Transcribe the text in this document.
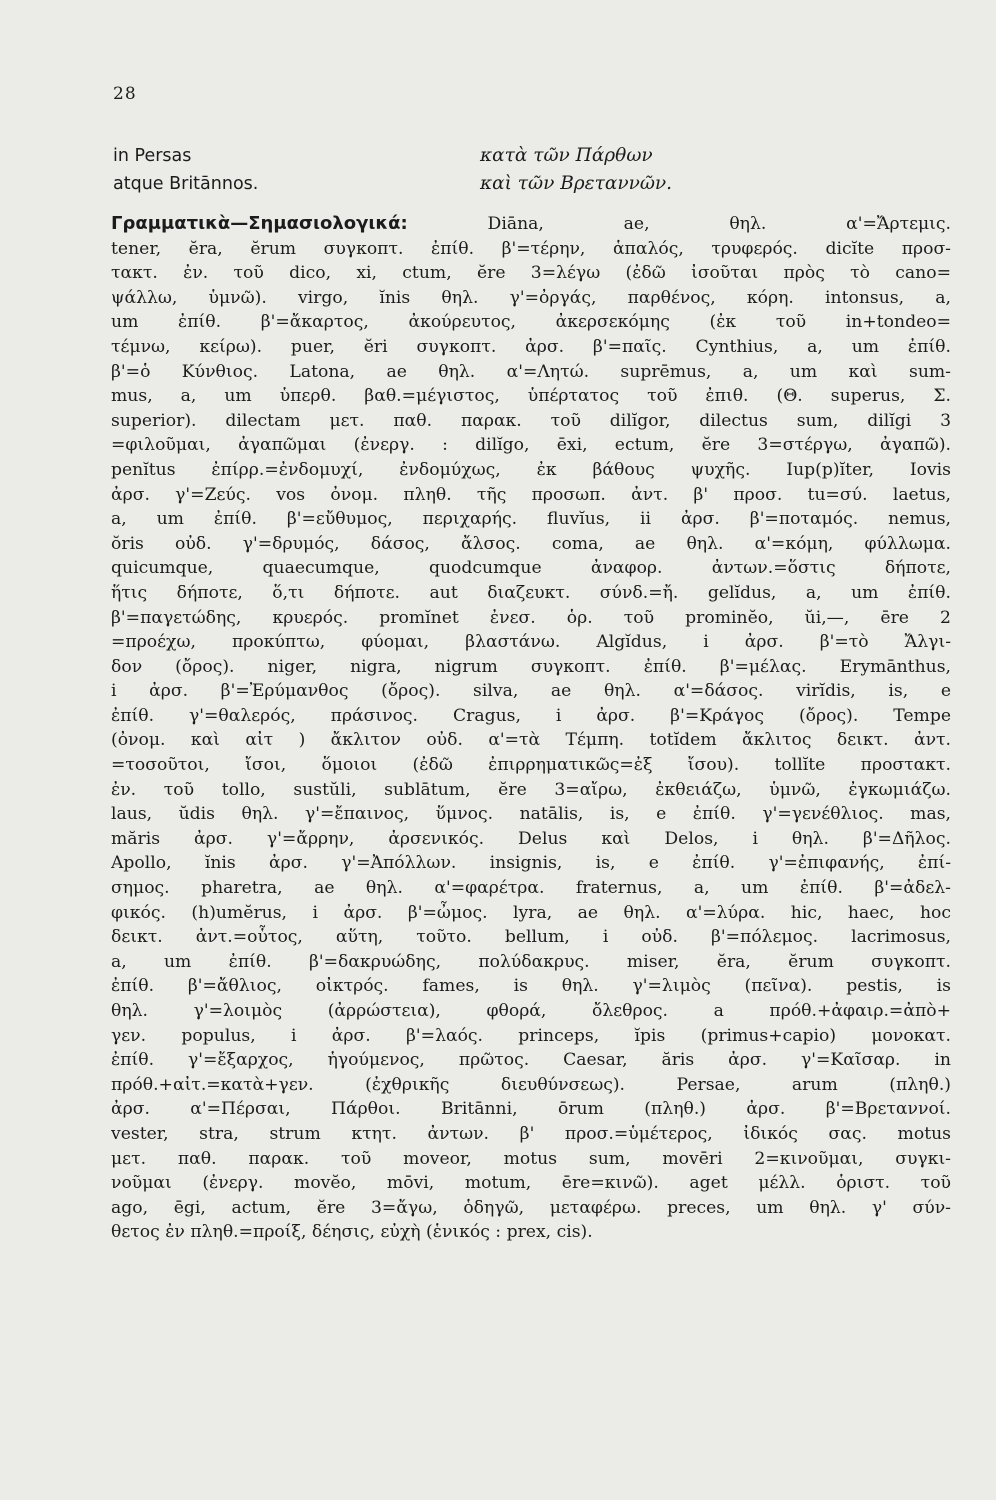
28
in Persas	κατὰ τῶν Πάρθων
atque Britānnos.	καὶ τῶν Βρεταννῶν.
Γραμματικὰ—Σημασιολογικά: Diāna, ae, θηλ. α'=Ἄρτεμις.
tener, ĕra, ĕrum συγκοπτ. ἐπίθ. β'=τέρην, ἁπαλός, τρυφερός. dicĭte προσ-
τακτ. ἐν. τοῦ dico, xi, ctum, ĕre 3=λέγω (ἐδῶ ἰσοῦται πρὸς τὸ cano=
ψάλλω, ὑμνῶ). virgo, ĭnis θηλ. γ'=ὀργάς, παρθένος, κόρη. intonsus, a,
um ἐπίθ. β'=ἄκαρτος, ἀκούρευτος, ἀκερσεκόμης (ἐκ τοῦ in+tondeo=
τέμνω, κείρω). puer, ĕri συγκοπτ. ἀρσ. β'=παῖς. Cynthius, a, um ἐπίθ.
β'=ὁ Κύνθιος. Latona, ae θηλ. α'=Λητώ. suprēmus, a, um καὶ sum-
mus, a, um ὑπερθ. βαθ.=μέγιστος, ὑπέρτατος τοῦ ἐπιθ. (Θ. superus, Σ.
superior). dilectam μετ. παθ. παρακ. τοῦ dilĭgor, dilectus sum, dilĭgi 3
=φιλοῦμαι, ἀγαπῶμαι (ἐνεργ. : dilĭgo, ēxi, ectum, ĕre 3=στέργω, ἀγαπῶ).
penĭtus ἐπίρρ.=ἐνδομυχί, ἐνδομύχως, ἐκ βάθους ψυχῆς. Iup(p)ĭter, Iovis
ἀρσ. γ'=Ζεύς. vos ὀνομ. πληθ. τῆς προσωπ. ἀντ. β' προσ. tu=σύ. laetus,
a, um ἐπίθ. β'=εὔθυμος, περιχαρής. fluvĭus, ii ἀρσ. β'=ποταμός. nemus,
ŏris οὐδ. γ'=δρυμός, δάσος, ἄλσος. coma, ae θηλ. α'=κόμη, φύλλωμα.
quicumque, quaecumque, quodcumque ἀναφορ. ἀντων.=ὅστις δήποτε,
ἥτις δήποτε, ὅ,τι δήποτε. aut διαζευκτ. σύνδ.=ἤ. gelĭdus, a, um ἐπίθ.
β'=παγετώδης, κρυερός. promĭnet ἐνεσ. ὁρ. τοῦ prominĕo, ŭi,—, ēre 2
=προέχω, προκύπτω, φύομαι, βλαστάνω. Algĭdus, i ἀρσ. β'=τὸ Ἄλγι-
δον (ὄρος). niger, nigra, nigrum συγκοπτ. ἐπίθ. β'=μέλας. Erymānthus,
i ἀρσ. β'=Ἐρύμανθος (ὄρος). silva, ae θηλ. α'=δάσος. virĭdis, is, e
ἐπίθ. γ'=θαλερός, πράσινος. Cragus, i ἀρσ. β'=Κράγος (ὄρος). Tempe
(ὀνομ. καὶ αἰτ ) ἄκλιτον οὐδ. α'=τὰ Τέμπη. totĭdem ἄκλιτος δεικτ. ἀντ.
=τοσοῦτοι, ἴσοι, ὅμοιοι (ἐδῶ ἐπιρρηματικῶς=ἐξ ἴσου). tollĭte προστακτ.
ἐν. τοῦ tollo, sustŭli, sublātum, ĕre 3=αἴρω, ἐκθειάζω, ὑμνῶ, ἐγκωμιάζω.
laus, ŭdis θηλ. γ'=ἔπαινος, ὕμνος. natālis, is, e ἐπίθ. γ'=γενέθλιος. mas,
măris ἀρσ. γ'=ἄρρην, ἀρσενικός. Delus καὶ Delos, i θηλ. β'=Δῆλος.
Apollo, ĭnis ἀρσ. γ'=Ἀπόλλων. insignis, is, e ἐπίθ. γ'=ἐπιφανής, ἐπί-
σημος. pharetra, ae θηλ. α'=φαρέτρα. fraternus, a, um ἐπίθ. β'=ἀδελ-
φικός. (h)umĕrus, i ἀρσ. β'=ὦμος. lyra, ae θηλ. α'=λύρα. hic, haec, hoc
δεικτ. ἀντ.=οὗτος, αὕτη, τοῦτο. bellum, i οὐδ. β'=πόλεμος. lacrimosus,
a, um ἐπίθ. β'=δακρυώδης, πολύδακρυς. miser, ĕra, ĕrum συγκοπτ.
ἐπίθ. β'=ἄθλιος, οἰκτρός. fames, is θηλ. γ'=λιμὸς (πεῖνα). pestis, is
θηλ. γ'=λοιμὸς (ἀρρώστεια), φθορά, ὄλεθρος. a πρόθ.+ἀφαιρ.=ἀπὸ+
γεν. populus, i ἀρσ. β'=λαός. princeps, ĭpis (primus+capio) μονοκατ.
ἐπίθ. γ'=ἔξαρχος, ἡγούμενος, πρῶτος. Caesar, ăris ἀρσ. γ'=Καῖσαρ. in
πρόθ.+αἰτ.=κατὰ+γεν. (ἐχθρικῆς διευθύνσεως). Persae, arum (πληθ.)
ἀρσ. α'=Πέρσαι, Πάρθοι. Britānni, ōrum (πληθ.) ἀρσ. β'=Βρεταννοί.
vester, stra, strum κτητ. ἀντων. β' προσ.=ὑμέτερος, ἰδικός σας. motus
μετ. παθ. παρακ. τοῦ moveor, motus sum, movēri 2=κινοῦμαι, συγκι-
νοῦμαι (ἐνεργ. movĕo, mōvi, motum, ēre=κινῶ). aget μέλλ. ὁριστ. τοῦ
ago, ēgi, actum, ĕre 3=ἄγω, ὁδηγῶ, μεταφέρω. preces, um θηλ. γ' σύν-
θετος ἐν πληθ.=προίξ, δέησις, εὐχὴ (ἑνικός : prex, cis).
